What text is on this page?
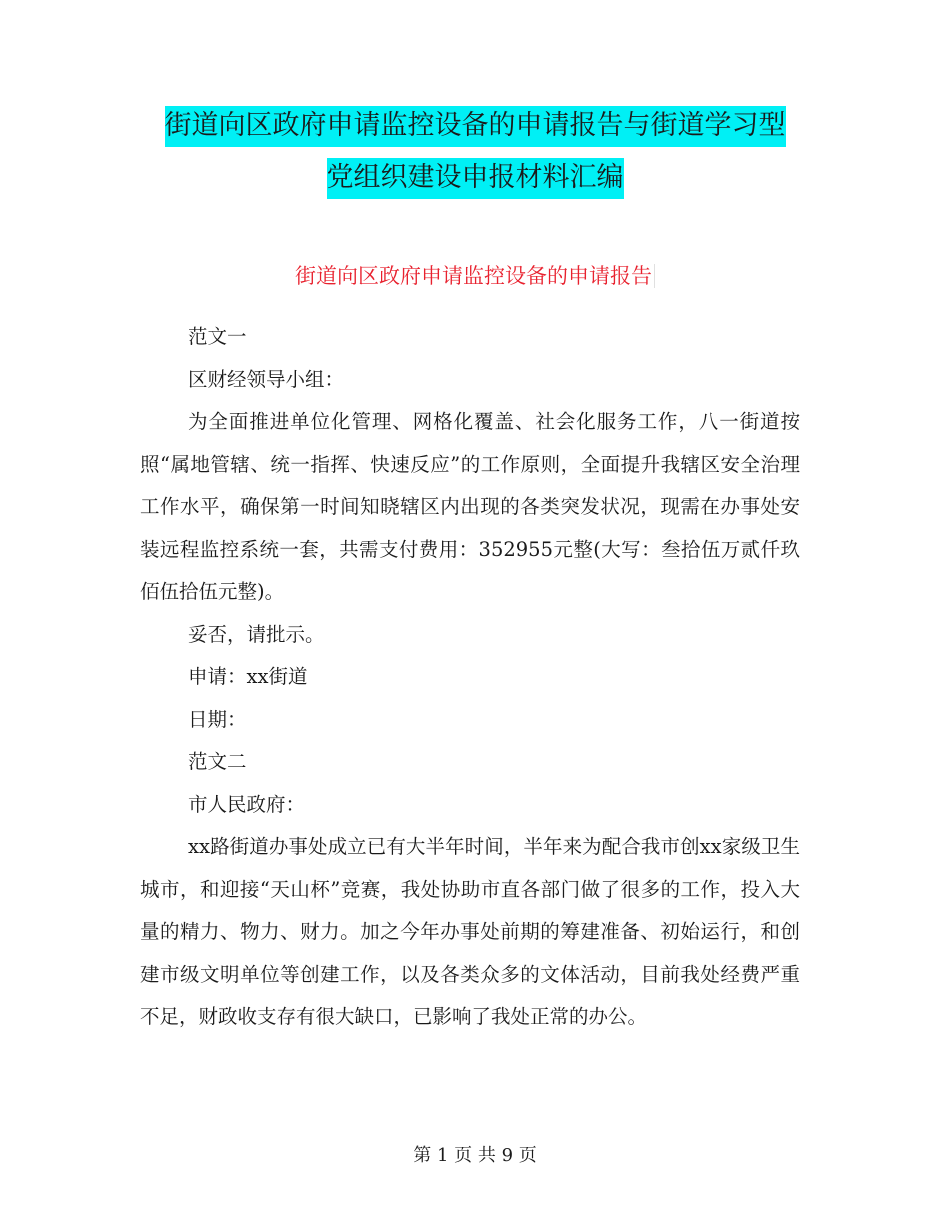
街道向区政府申请监控设备的申请报告与街道学习型
党组织建设申报材料汇编
街道向区政府申请监控设备的申请报告

范文一

区财经领导小组：

为全面推进单位化管理、网格化覆盖、社会化服务工作，八一街道按照“属地管辖、统一指挥、快速反应”的工作原则，全面提升我辖区安全治理工作水平，确保第一时间知晓辖区内出现的各类突发状况，现需在办事处安装远程监控系统一套，共需支付费用：352955元整(大写：叁拾伍万贰仟玖佰伍拾伍元整)。

妥否，请批示。

申请：xx街道

日期：

范文二

市人民政府：

xx路街道办事处成立已有大半年时间，半年来为配合我市创xx家级卫生城市，和迎接“天山杯”竞赛，我处协助市直各部门做了很多的工作，投入大量的精力、物力、财力。加之今年办事处前期的筹建准备、初始运行，和创建市级文明单位等创建工作，以及各类众多的文体活动，目前我处经费严重不足，财政收支存有很大缺口，已影响了我处正常的办公。

第 1 页 共 9 页
